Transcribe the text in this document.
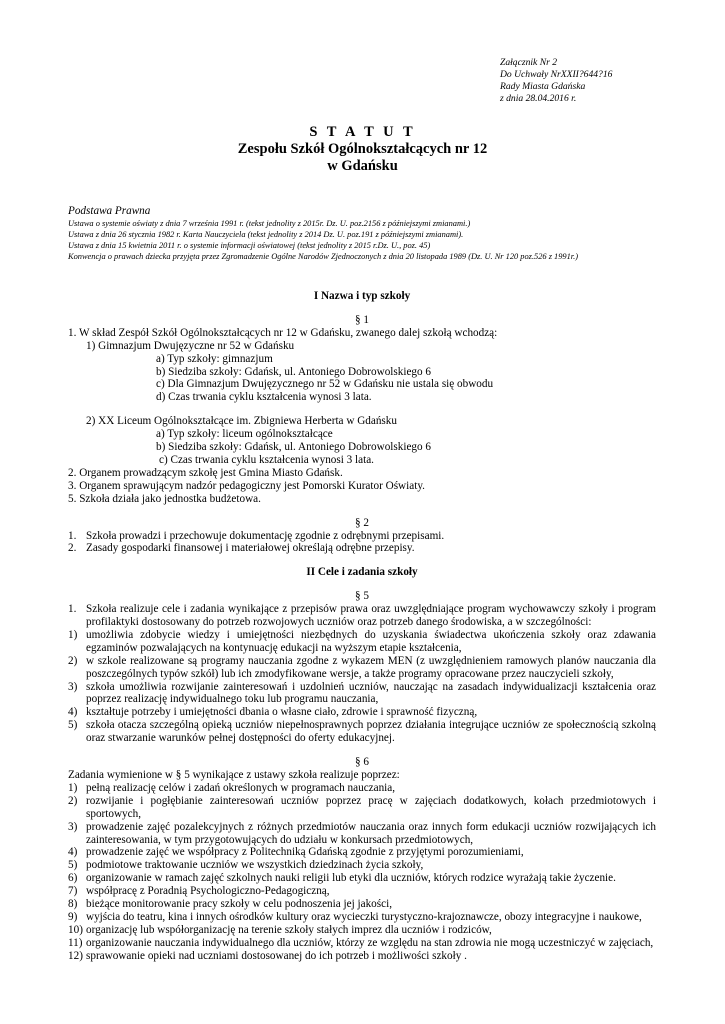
Załącznik Nr 2
Do Uchwały NrXXII?644?16
Rady Miasta Gdańska
z dnia 28.04.2016 r.
S T A T U T
Zespołu Szkół Ogólnokształcących nr 12
w Gdańsku
Podstawa Prawna
Ustawa o systemie oświaty z dnia 7 września 1991 r. (tekst jednolity z 2015r. Dz. U. poz.2156 z późniejszymi zmianami.)
Ustawa z dnia 26 stycznia 1982 r. Karta Nauczyciela (tekst jednolity z 2014 Dz. U. poz.191 z późniejszymi zmianami).
Ustawa z dnia 15 kwietnia 2011 r. o systemie informacji oświatowej (tekst jednolity z 2015 r.Dz. U., poz. 45)
Konwencja o prawach dziecka przyjęta przez Zgromadzenie Ogólne Narodów Zjednoczonych z dnia 20 listopada 1989 (Dz. U. Nr 120 poz.526 z 1991r.)

I Nazwa i typ szkoły

§ 1

1. W skład Zespół Szkół Ogólnokształcących nr 12 w Gdańsku, zwanego dalej szkołą wchodzą:

1) Gimnazjum Dwujęzyczne nr 52 w Gdańsku

a) Typ szkoły: gimnazjum

b) Siedziba szkoły: Gdańsk, ul. Antoniego Dobrowolskiego 6

c) Dla Gimnazjum Dwujęzycznego nr 52 w Gdańsku nie ustala się obwodu

d) Czas trwania cyklu kształcenia wynosi 3 lata.

2) XX Liceum Ogólnokształcące im. Zbigniewa Herberta w Gdańsku

a) Typ szkoły: liceum ogólnokształcące

b) Siedziba szkoły: Gdańsk, ul. Antoniego Dobrowolskiego 6

c) Czas trwania cyklu kształcenia wynosi 3 lata.

2. Organem prowadzącym szkołę jest Gmina Miasto Gdańsk.

3. Organem sprawującym nadzór pedagogiczny jest Pomorski Kurator Oświaty.

5. Szkoła działa jako jednostka budżetowa.

§ 2

1. Szkoła prowadzi i przechowuje dokumentację zgodnie z odrębnymi przepisami.
2. Zasady gospodarki finansowej i materiałowej określają odrębne przepisy.

II Cele i zadania szkoły

§ 5

1. Szkoła realizuje cele i zadania wynikające z przepisów prawa oraz uwzględniające program wychowawczy szkoły i program profilaktyki dostosowany do potrzeb rozwojowych uczniów oraz potrzeb danego środowiska, a w szczególności:
1) umożliwia zdobycie wiedzy i umiejętności niezbędnych do uzyskania świadectwa ukończenia szkoły oraz zdawania egzaminów pozwalających na kontynuację edukacji na wyższym etapie kształcenia,
2) w szkole realizowane są programy nauczania zgodne z wykazem MEN (z uwzględnieniem ramowych planów nauczania dla poszczególnych typów szkół) lub ich zmodyfikowane wersje, a także programy opracowane przez nauczycieli szkoły,
3) szkoła umożliwia rozwijanie zainteresowań i uzdolnień uczniów, nauczając na zasadach indywidualizacji kształcenia oraz poprzez realizację indywidualnego toku lub programu nauczania,
4) kształtuje potrzeby i umiejętności dbania o własne ciało, zdrowie i sprawność fizyczną,
5) szkoła otacza szczególną opieką uczniów niepełnosprawnych poprzez działania integrujące uczniów ze społecznością szkolną oraz stwarzanie warunków pełnej dostępności do oferty edukacyjnej.

§ 6

Zadania wymienione w § 5 wynikające z ustawy szkoła realizuje poprzez:

1) pełną realizację celów i zadań określonych w programach nauczania,
2) rozwijanie i pogłębianie zainteresowań uczniów poprzez pracę w zajęciach dodatkowych, kołach przedmiotowych i sportowych,
3) prowadzenie zajęć pozalekcyjnych z różnych przedmiotów nauczania oraz innych form edukacji uczniów rozwijających ich zainteresowania, w tym przygotowujących do udziału w konkursach przedmiotowych,
4) prowadzenie zajęć we współpracy z Politechniką Gdańską zgodnie z przyjętymi porozumieniami,
5) podmiotowe traktowanie uczniów we wszystkich dziedzinach życia szkoły,
6) organizowanie w ramach zajęć szkolnych nauki religii lub etyki dla uczniów, których rodzice wyrażają takie życzenie.
7) współpracę z Poradnią Psychologiczno-Pedagogiczną,
8) bieżące monitorowanie pracy szkoły w celu podnoszenia jej jakości,
9) wyjścia do teatru, kina i innych ośrodków kultury oraz wycieczki turystyczno-krajoznawcze, obozy integracyjne i naukowe,
10) organizację lub współorganizację na terenie szkoły stałych imprez dla uczniów i rodziców,
11) organizowanie nauczania indywidualnego dla uczniów, którzy ze względu na stan zdrowia nie mogą uczestniczyć w zajęciach,
12) sprawowanie opieki nad uczniami dostosowanej do ich potrzeb i możliwości szkoły .
